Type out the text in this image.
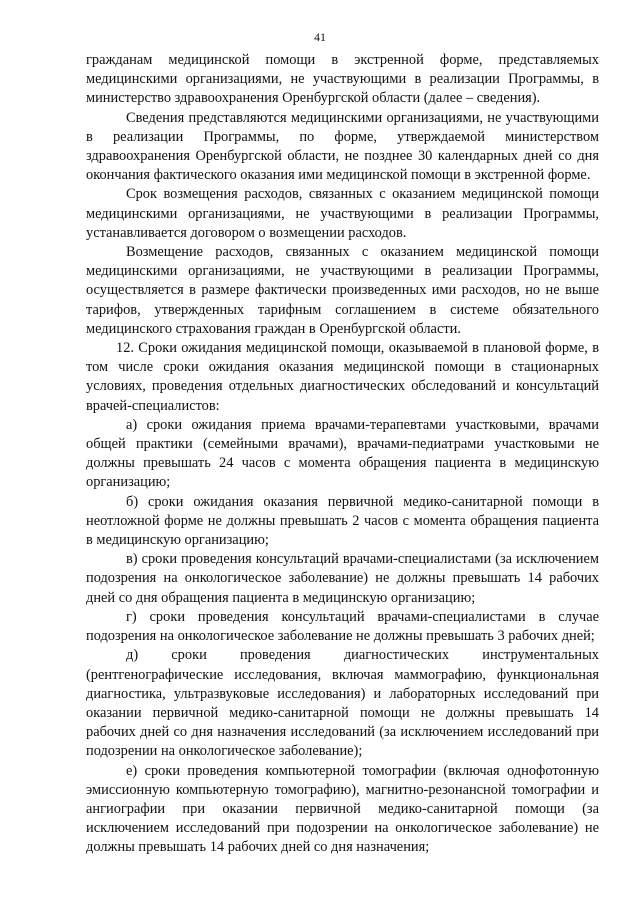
41

гражданам медицинской помощи в экстренной форме, представляемых медицинскими организациями, не участвующими в реализации Программы, в министерство здравоохранения Оренбургской области (далее – сведения).

Сведения представляются медицинскими организациями, не участвующими в реализации Программы, по форме, утверждаемой министерством здравоохранения Оренбургской области, не позднее 30 календарных дней со дня окончания фактического оказания ими медицинской помощи в экстренной форме.

Срок возмещения расходов, связанных с оказанием медицинской помощи медицинскими организациями, не участвующими в реализации Программы, устанавливается договором о возмещении расходов.

Возмещение расходов, связанных с оказанием медицинской помощи медицинскими организациями, не участвующими в реализации Программы, осуществляется в размере фактически произведенных ими расходов, но не выше тарифов, утвержденных тарифным соглашением в системе обязательного медицинского страхования граждан в Оренбургской области.

12. Сроки ожидания медицинской помощи, оказываемой в плановой форме, в том числе сроки ожидания оказания медицинской помощи в стационарных условиях, проведения отдельных диагностических обследований и консультаций врачей-специалистов:

а) сроки ожидания приема врачами-терапевтами участковыми, врачами общей практики (семейными врачами), врачами-педиатрами участковыми не должны превышать 24 часов с момента обращения пациента в медицинскую организацию;

б) сроки ожидания оказания первичной медико-санитарной помощи в неотложной форме не должны превышать 2 часов с момента обращения пациента в медицинскую организацию;

в) сроки проведения консультаций врачами-специалистами (за исключением подозрения на онкологическое заболевание) не должны превышать 14 рабочих дней со дня обращения пациента в медицинскую организацию;

г) сроки проведения консультаций врачами-специалистами в случае подозрения на онкологическое заболевание не должны превышать 3 рабочих дней;

д) сроки проведения диагностических инструментальных (рентгенографические исследования, включая маммографию, функциональная диагностика, ультразвуковые исследования) и лабораторных исследований при оказании первичной медико-санитарной помощи не должны превышать 14 рабочих дней со дня назначения исследований (за исключением исследований при подозрении на онкологическое заболевание);

е) сроки проведения компьютерной томографии (включая однофотонную эмиссионную компьютерную томографию), магнитно-резонансной томографии и ангиографии при оказании первичной медико-санитарной помощи (за исключением исследований при подозрении на онкологическое заболевание) не должны превышать 14 рабочих дней со дня назначения;
